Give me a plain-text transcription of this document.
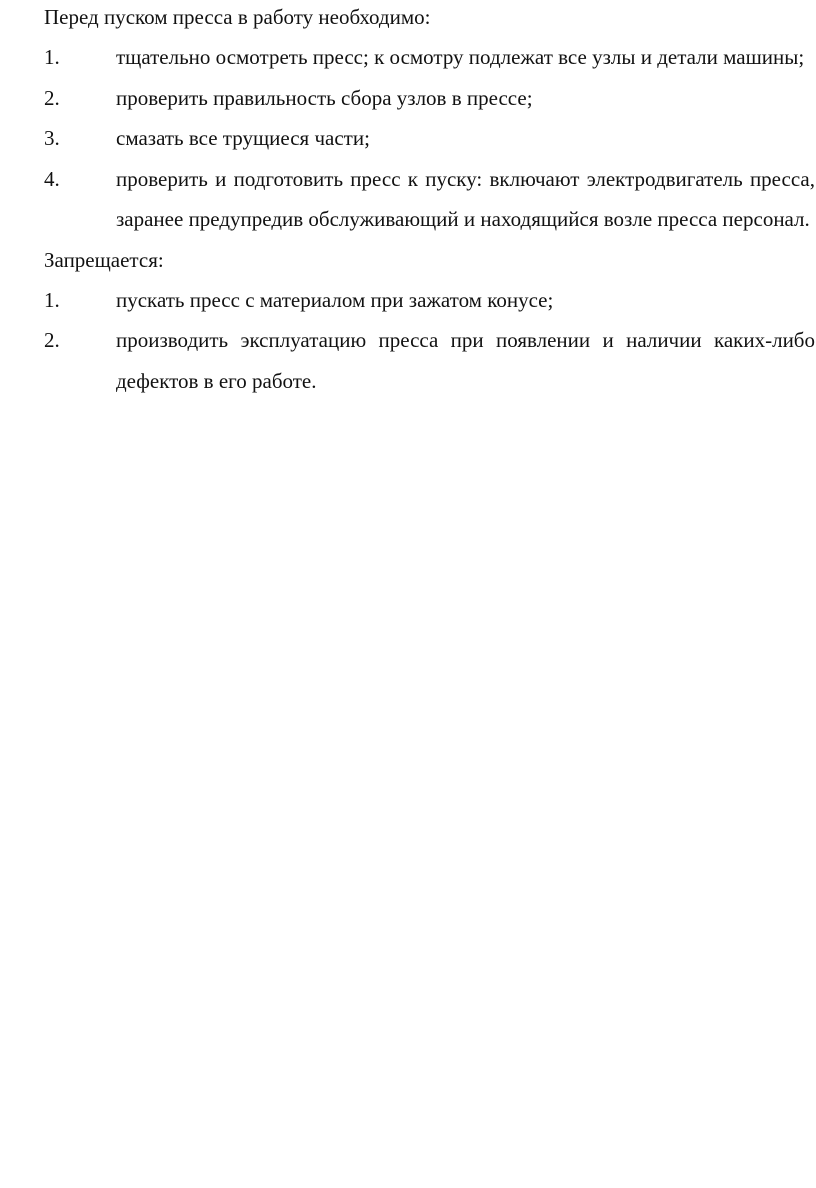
Перед пуском пресса в работу необходимо:

1.	тщательно осмотреть пресс; к осмотру подлежат все узлы и детали машины;
2.	проверить правильность сбора узлов в прессе;
3.	смазать все трущиеся части;
4.	проверить и подготовить пресс к пуску: включают электродвигатель пресса, заранее предупредив обслуживающий и находящийся возле пресса персонал.

Запрещается:

1.	пускать пресс с материалом при зажатом конусе;
2.	производить эксплуатацию пресса при появлении и наличии каких-либо дефектов в его работе.
